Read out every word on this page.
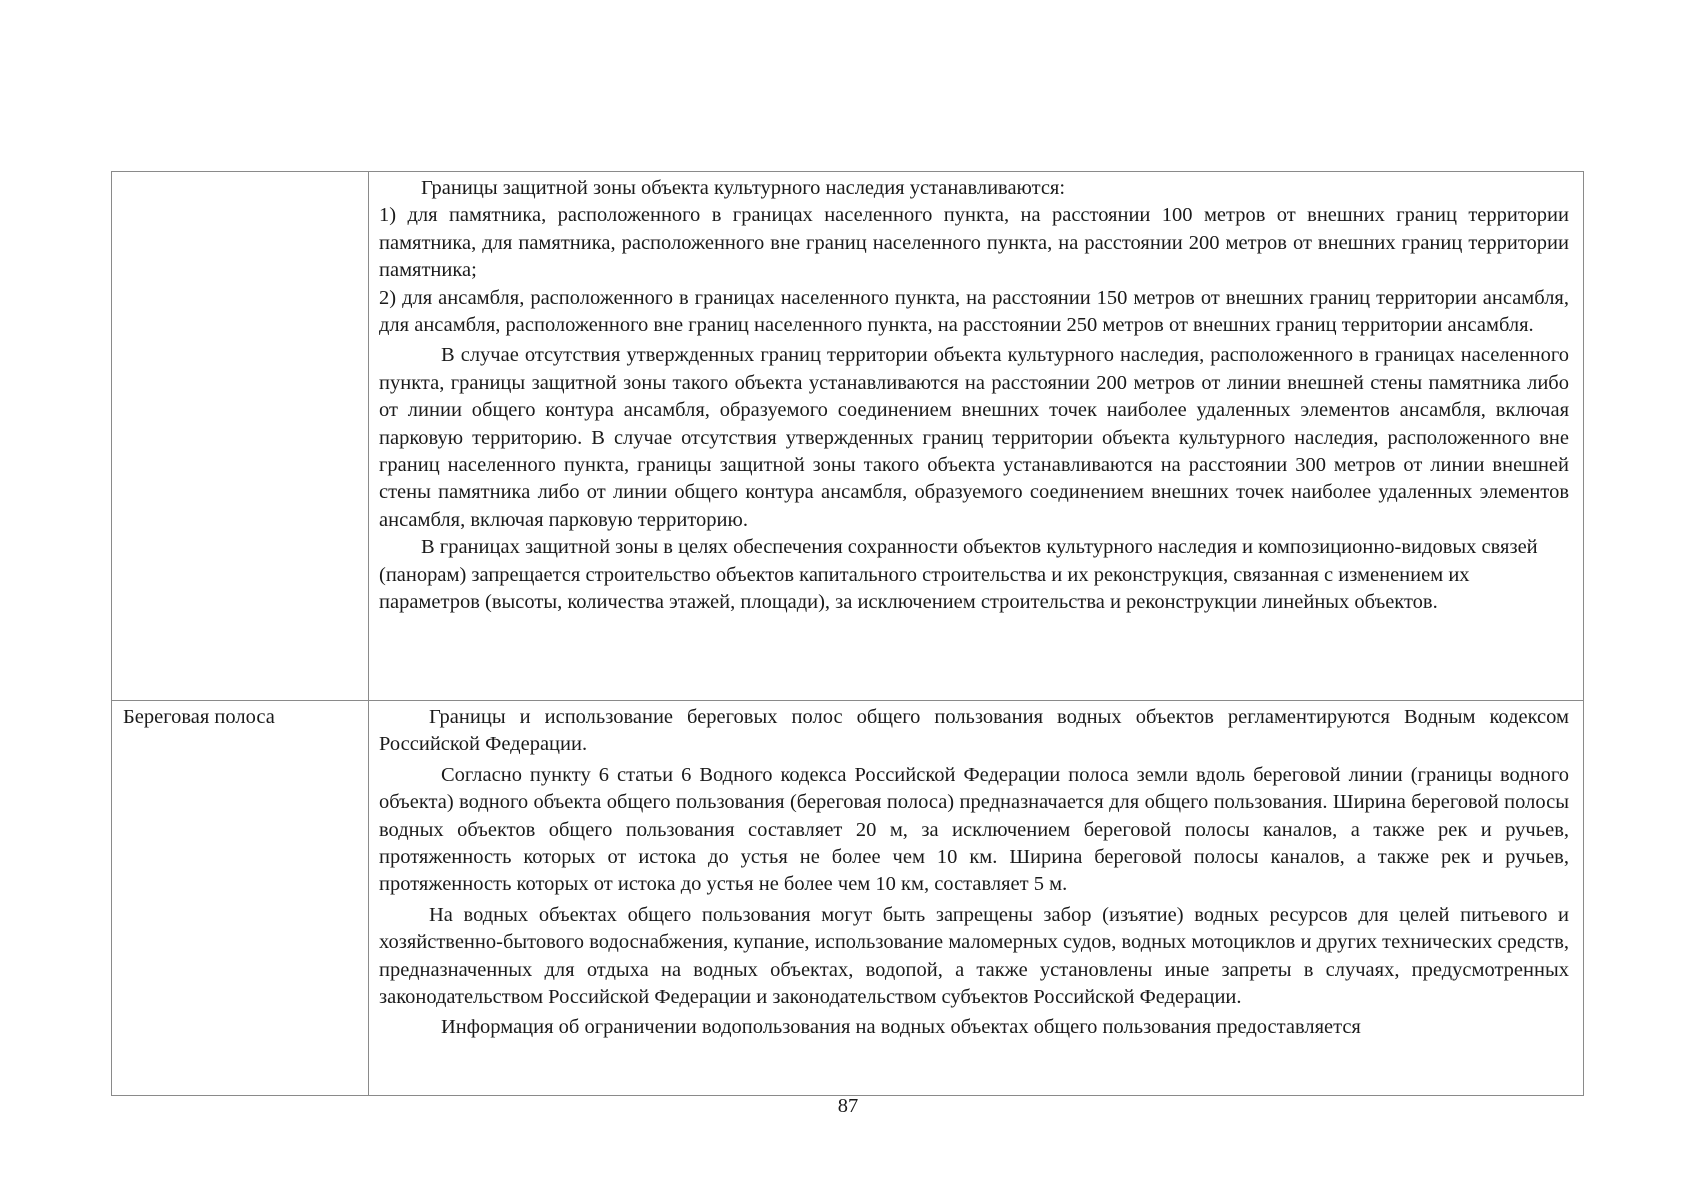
	Границы защитной зоны объекта культурного наследия устанавливаются:

1) для памятника, расположенного в границах населенного пункта, на расстоянии 100 метров от внешних границ территории памятника, для памятника, расположенного вне границ населенного пункта, на расстоянии 200 метров от внешних границ территории памятника;

2) для ансамбля, расположенного в границах населенного пункта, на расстоянии 150 метров от внешних границ территории ансамбля, для ансамбля, расположенного вне границ населенного пункта, на расстоянии 250 метров от внешних границ территории ансамбля.

В случае отсутствия утвержденных границ территории объекта культурного наследия, расположенного в границах населенного пункта, границы защитной зоны такого объекта устанавливаются на расстоянии 200 метров от линии внешней стены памятника либо от линии общего контура ансамбля, образуемого соединением внешних точек наиболее удаленных элементов ансамбля, включая парковую территорию. В случае отсутствия утвержденных границ территории объекта культурного наследия, расположенного вне границ населенного пункта, границы защитной зоны такого объекта устанавливаются на расстоянии 300 метров от линии внешней стены памятника либо от линии общего контура ансамбля, образуемого соединением внешних точек наиболее удаленных элементов ансамбля, включая парковую территорию.

В границах защитной зоны в целях обеспечения сохранности объектов культурного наследия и композиционно-видовых связей (панорам) запрещается строительство объектов капитального строительства и их реконструкция, связанная с изменением их параметров (высоты, количества этажей, площади), за исключением строительства и реконструкции линейных объектов.

Береговая полоса	Границы и использование береговых полос общего пользования водных объектов регламентируются Водным кодексом Российской Федерации.

Согласно пункту 6 статьи 6 Водного кодекса Российской Федерации полоса земли вдоль береговой линии (границы водного объекта) водного объекта общего пользования (береговая полоса) предназначается для общего пользования. Ширина береговой полосы водных объектов общего пользования составляет 20 м, за исключением береговой полосы каналов, а также рек и ручьев, протяженность которых от истока до устья не более чем 10 км. Ширина береговой полосы каналов, а также рек и ручьев, протяженность которых от истока до устья не более чем 10 км, составляет 5 м.

На водных объектах общего пользования могут быть запрещены забор (изъятие) водных ресурсов для целей питьевого и хозяйственно-бытового водоснабжения, купание, использование маломерных судов, водных мотоциклов и других технических средств, предназначенных для отдыха на водных объектах, водопой, а также установлены иные запреты в случаях, предусмотренных законодательством Российской Федерации и законодательством субъектов Российской Федерации.

Информация об ограничении водопользования на водных объектах общего пользования предоставляется

87
